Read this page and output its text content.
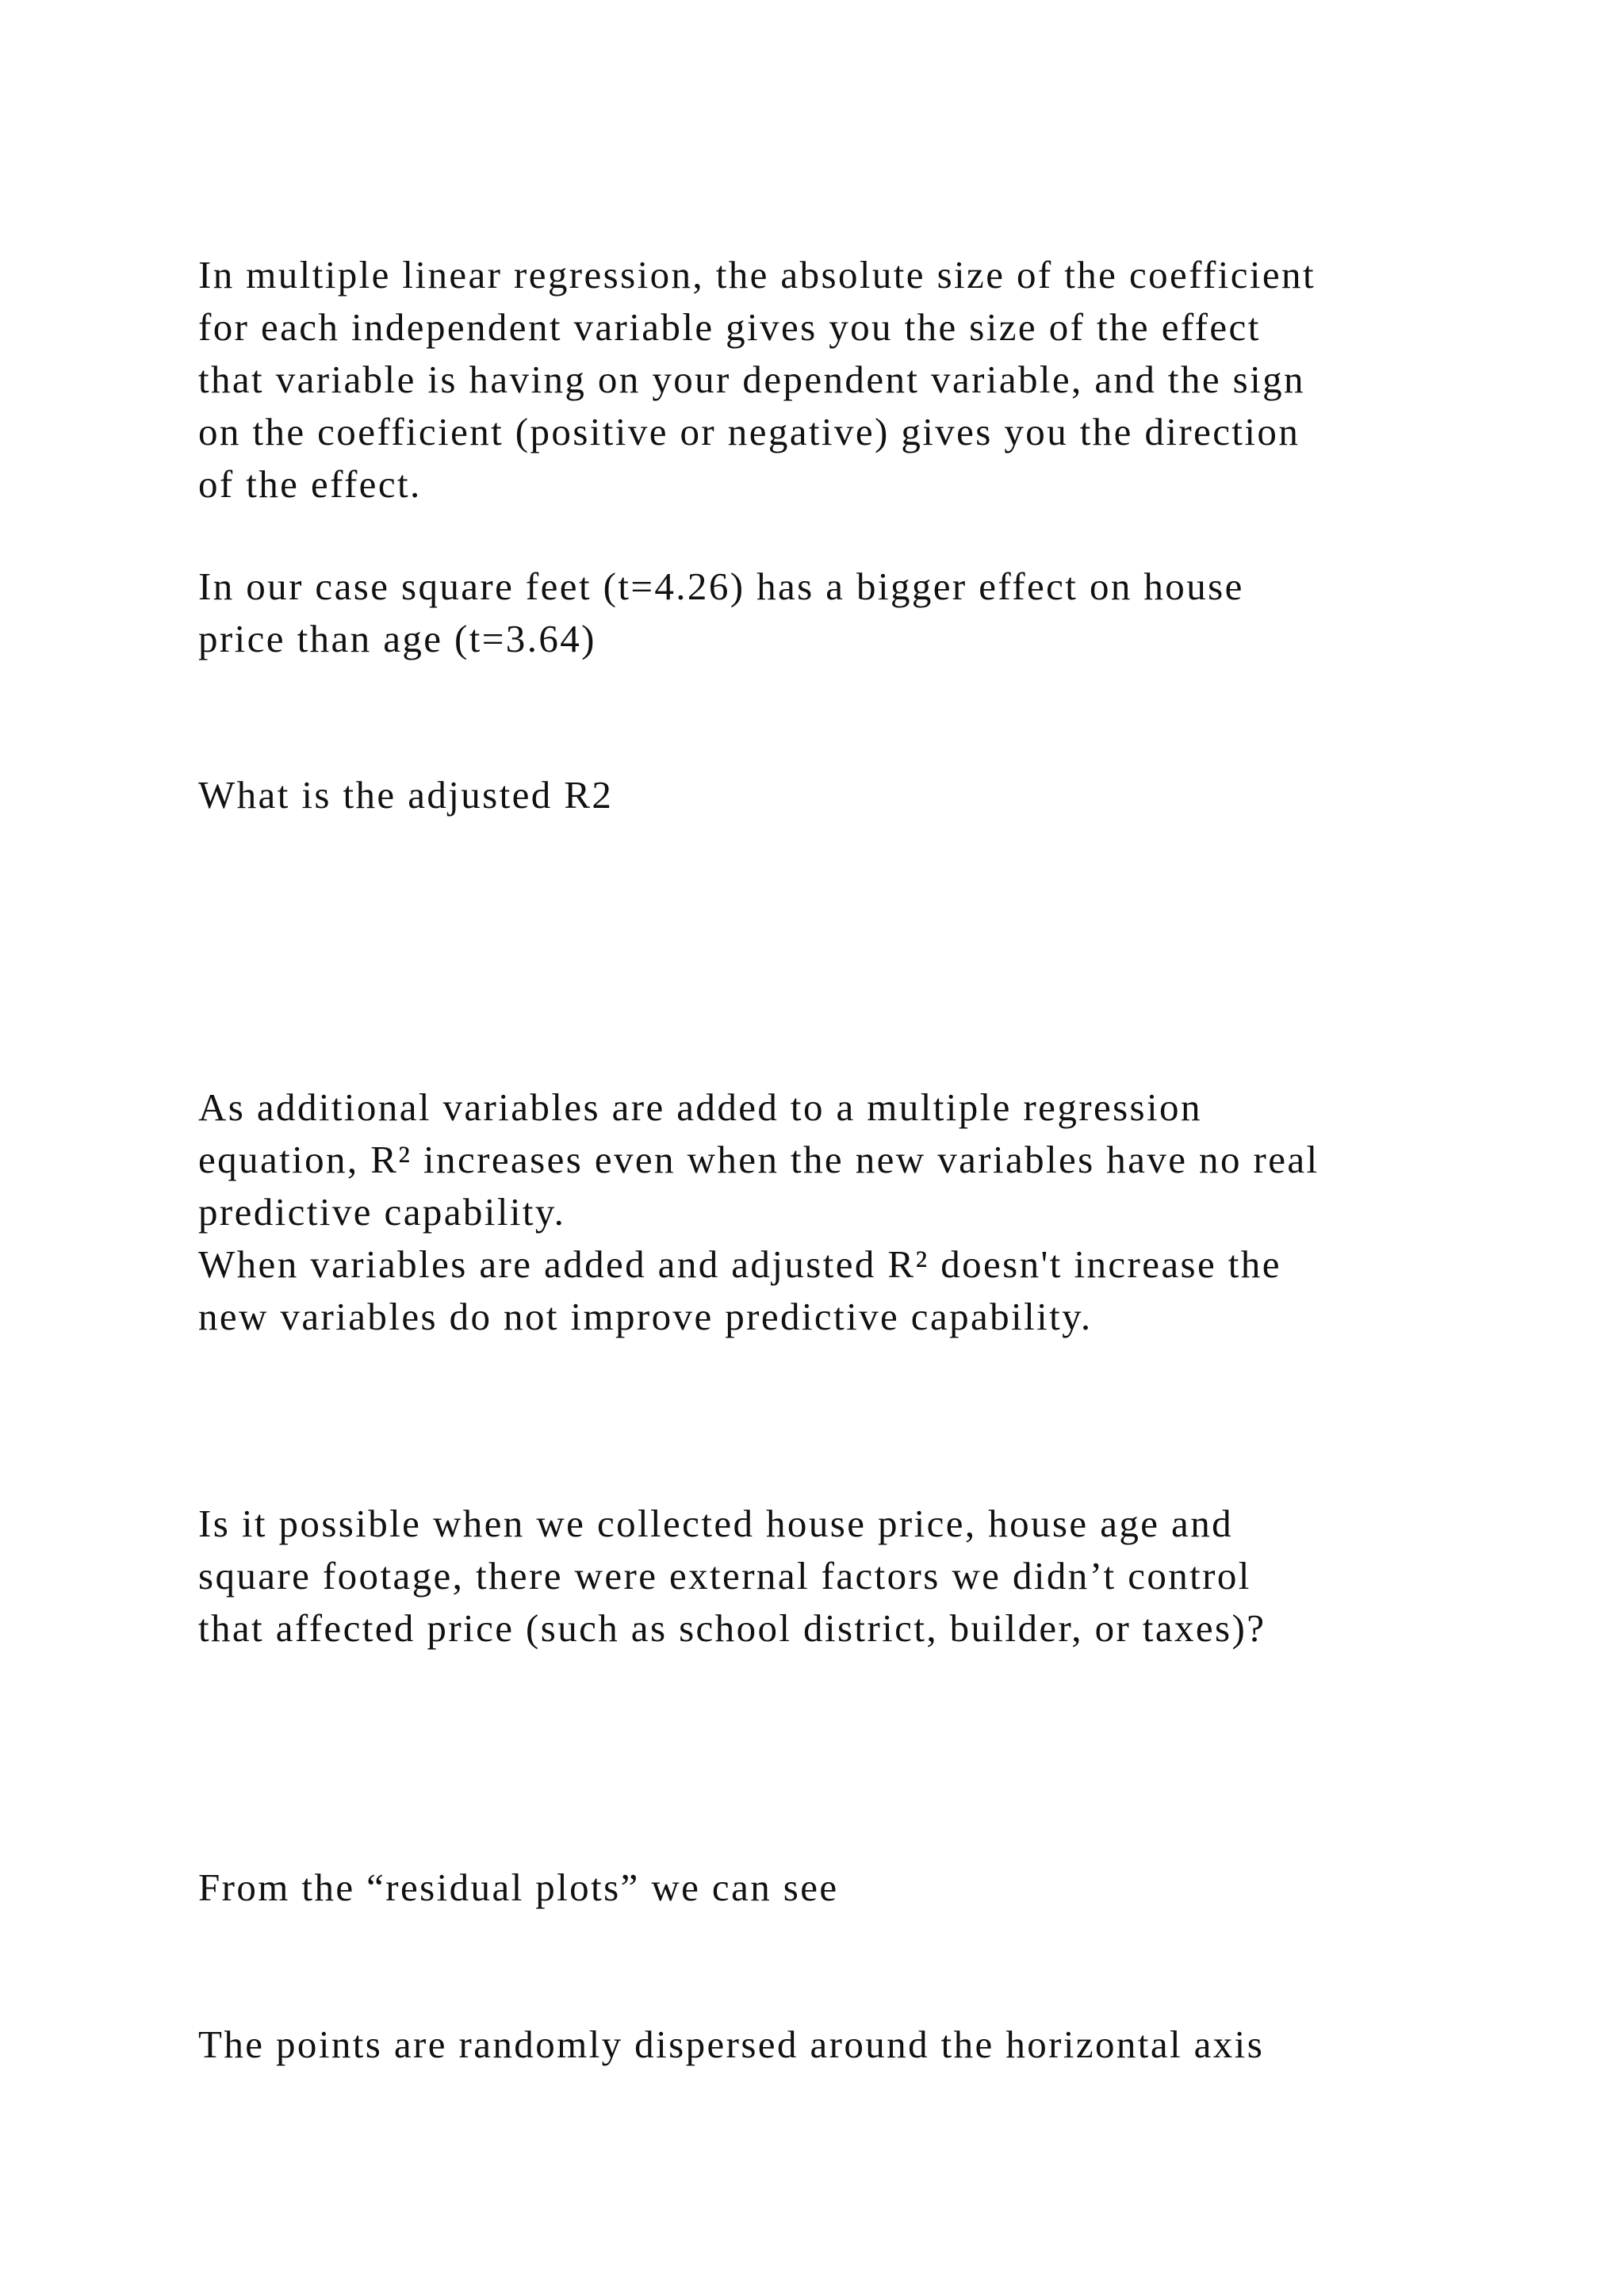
In multiple linear regression, the absolute size of the coefficient
for each independent variable gives you the size of the effect
that variable is having on your dependent variable, and the sign
on the coefficient (positive or negative) gives you the direction
of the effect.

In our case square feet (t=4.26) has a bigger effect on house
price than age (t=3.64)

What is the adjusted R2

As additional variables are added to a multiple regression
equation, R² increases even when the new variables have no real
predictive capability.
When variables are added and adjusted R² doesn't increase the
new variables do not improve predictive capability.

Is it possible when we collected house price, house age and
square footage, there were external factors we didn’t control
that affected price (such as school district, builder, or taxes)?

From the “residual plots” we can see

The points are randomly dispersed around the horizontal axis
